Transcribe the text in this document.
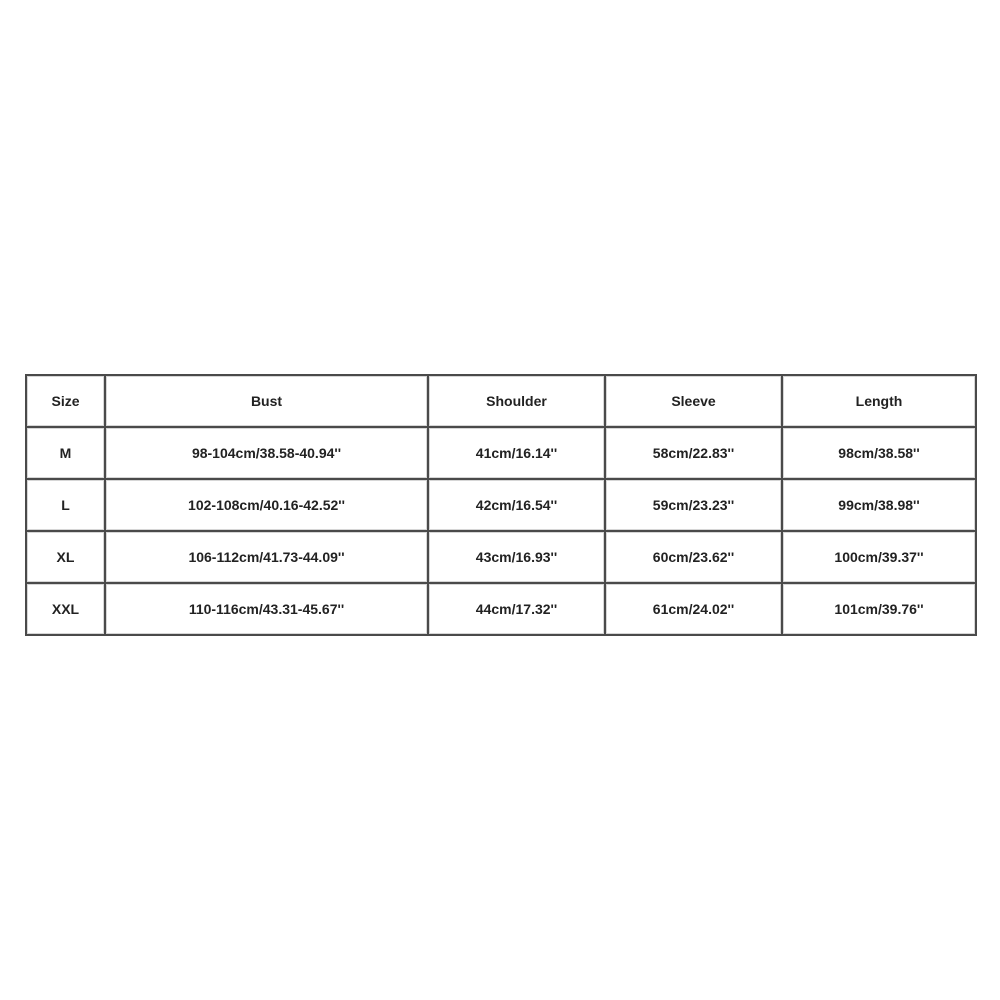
Size	Bust	Shoulder	Sleeve	Length
M	98-104cm/38.58-40.94''	41cm/16.14''	58cm/22.83''	98cm/38.58''
L	102-108cm/40.16-42.52''	42cm/16.54''	59cm/23.23''	99cm/38.98''
XL	106-112cm/41.73-44.09''	43cm/16.93''	60cm/23.62''	100cm/39.37''
XXL	110-116cm/43.31-45.67''	44cm/17.32''	61cm/24.02''	101cm/39.76''
